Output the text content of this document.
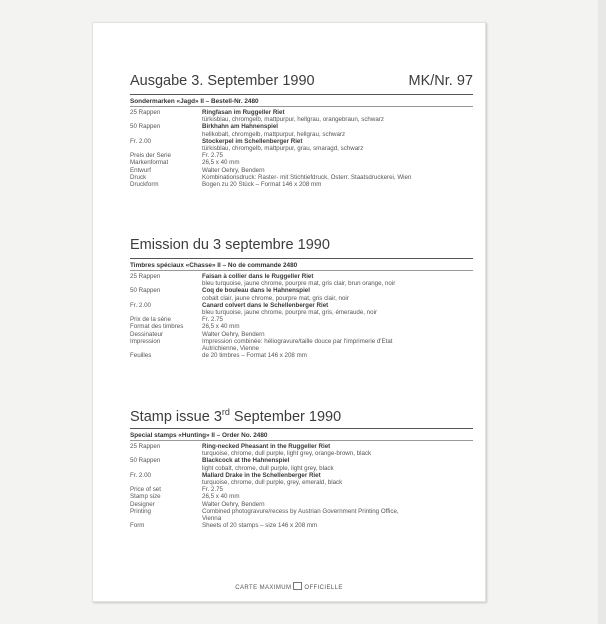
Ausgabe 3. September 1990	MK/Nr. 97
Sondermarken «Jagd» II – Bestell-Nr. 2480
25 Rappen	Ringfasan im Ruggeller Riet
türkisblau, chromgelb, mattpurpur, hellgrau, orangebraun, schwarz
50 Rappen	Birkhahn am Hahnenspiel
hellkobalt, chromgelb, mattpurpur, hellgrau, schwarz
Fr. 2.00	Stockerpel im Schellenberger Riet
türkisblau, chromgelb, mattpurpur, grau, smaragd, schwarz
Preis der Serie	Fr. 2.75
Markenformat	26,5 x 40 mm
Entwurf	Walter Oehry, Bendern
Druck	Kombinationsdruck: Raster- mit Stichtiefdruck, Österr. Staatsdruckerei, Wien
Druckform	Bogen zu 20 Stück – Format 146 x 208 mm
Emission du 3 septembre 1990
Timbres spéciaux «Chasse» II – No de commande 2480
25 Rappen	Faisan à collier dans le Ruggeller Riet
bleu turquoise, jaune chrome, pourpre mat, gris clair, brun orange, noir
50 Rappen	Coq de bouleau dans le Hahnenspiel
cobalt clair, jaune chrome, pourpre mat, gris clair, noir
Fr. 2.00	Canard colvert dans le Schellenberger Riet
bleu turquoise, jaune chrome, pourpre mat, gris, émeraude, noir
Prix de la série	Fr. 2.75
Format des timbres	26,5 x 40 mm
Dessinateur	Walter Oehry, Bendern
Impression	Impression combinée: héliogravure/taille douce par l'imprimerie d'Etat
Autrichienne, Vienne
Feuilles	de 20 timbres – Format 146 x 208 mm
Stamp issue 3rd September 1990
Special stamps «Hunting» II – Order No. 2480
25 Rappen	Ring-necked Pheasant in the Ruggeller Riet
turquoise, chrome, dull purple, light grey, orange-brown, black
50 Rappen	Blackcock at the Hahnenspiel
light cobalt, chrome, dull purple, light grey, black
Fr. 2.00	Mallard Drake in the Schellenberger Riet
turquoise, chrome, dull purple, grey, emerald, black
Price of set	Fr. 2.75
Stamp size	26,5 x 40 mm
Designer	Walter Oehry, Bendern
Printing	Combined photogravure/recess by Austrian Government Printing Office,
Vienna
Form	Sheets of 20 stamps – size 146 x 208 mm
CARTE MAXIMUM OFFICIELLE
